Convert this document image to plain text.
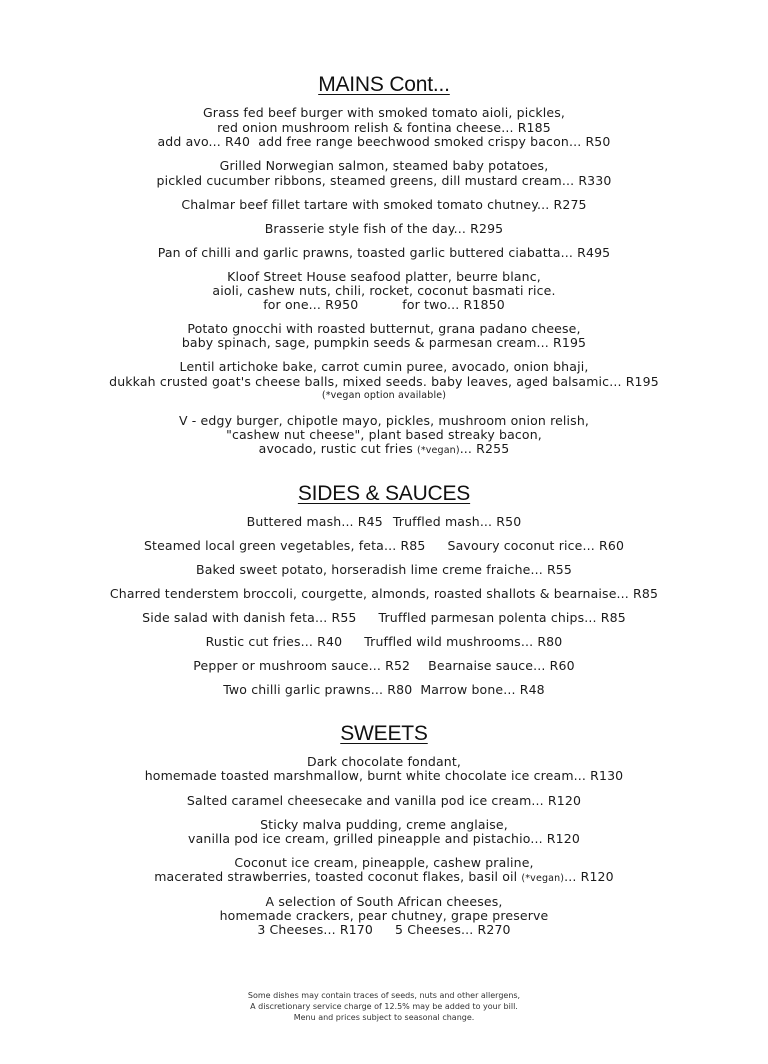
MAINS Cont...
Grass fed beef burger with smoked tomato aioli, pickles,
red onion mushroom relish & fontina cheese... R185
add avo... R40  add free range beechwood smoked crispy bacon... R50
Grilled Norwegian salmon, steamed baby potatoes,
pickled cucumber ribbons, steamed greens, dill mustard cream... R330
Chalmar beef fillet tartare with smoked tomato chutney... R275
Brasserie style fish of the day... R295
Pan of chilli and garlic prawns, toasted garlic buttered ciabatta... R495
Kloof Street House seafood platter, beurre blanc,
aioli, cashew nuts, chili, rocket, coconut basmati rice.
for one... R950	for two... R1850
Potato gnocchi with roasted butternut, grana padano cheese,
baby spinach, sage, pumpkin seeds & parmesan cream... R195
Lentil artichoke bake, carrot cumin puree, avocado, onion bhaji,
dukkah crusted goat's cheese balls, mixed seeds. baby leaves, aged balsamic... R195
(*vegan option available)
V - edgy burger, chipotle mayo, pickles, mushroom onion relish,
"cashew nut cheese", plant based streaky bacon,
avocado, rustic cut fries (*vegan)... R255
SIDES & SAUCES
Buttered mash... R45 Truffled mash... R50
Steamed local green vegetables, feta... R85 Savoury coconut rice... R60
Baked sweet potato, horseradish lime creme fraiche... R55
Charred tenderstem broccoli, courgette, almonds, roasted shallots & bearnaise... R85
Side salad with danish feta... R55 Truffled parmesan polenta chips... R85
Rustic cut fries... R40 Truffled wild mushrooms... R80
Pepper or mushroom sauce... R52 Bearnaise sauce... R60
Two chilli garlic prawns... R80 Marrow bone... R48
SWEETS
Dark chocolate fondant,
homemade toasted marshmallow, burnt white chocolate ice cream... R130
Salted caramel cheesecake and vanilla pod ice cream... R120
Sticky malva pudding, creme anglaise,
vanilla pod ice cream, grilled pineapple and pistachio... R120
Coconut ice cream, pineapple, cashew praline,
macerated strawberries, toasted coconut flakes, basil oil (*vegan)... R120
A selection of South African cheeses,
homemade crackers, pear chutney, grape preserve
3 Cheeses... R170 5 Cheeses... R270
Some dishes may contain traces of seeds, nuts and other allergens,
A discretionary service charge of 12.5% may be added to your bill.
Menu and prices subject to seasonal change.
